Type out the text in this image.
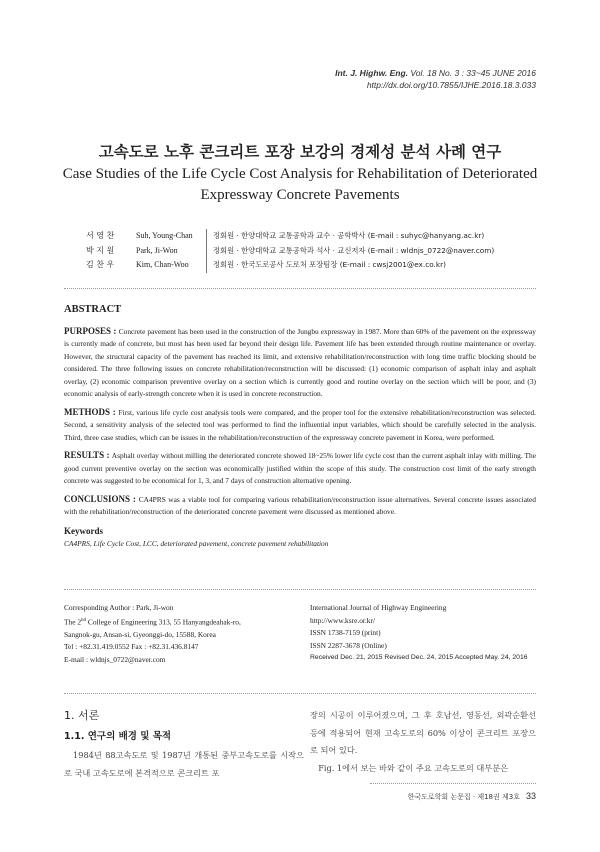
Int. J. Highw. Eng. Vol. 18 No. 3 : 33~45 JUNE 2016
http://dx.doi.org/10.7855/IJHE.2016.18.3.033
고속도로 노후 콘크리트 포장 보강의 경제성 분석 사례 연구
Case Studies of the Life Cycle Cost Analysis for Rehabilitation of Deteriorated Expressway Concrete Pavements
서 영 찬	Suh, Young-Chan	정회원 · 한양대학교 교통공학과 교수 · 공학박사 (E-mail : suhyc@hanyang.ac.kr)
박 지 원	Park, Ji-Won	정회원 · 한양대학교 교통공학과 석사 · 교신저자 (E-mail : wldnjs_0722@naver.com)
김 찬 우	Kim, Chan-Woo	정회원 · 한국도로공사 도로처 포장팀장 (E-mail : cwsj2001@ex.co.kr)
ABSTRACT

PURPOSES : Concrete pavement has been used in the construction of the Jungbu expressway in 1987. More than 60% of the pavement on the expressway is currently made of concrete, but most has been used far beyond their design life. Pavement life has been extended through routine maintenance or overlay. However, the structural capacity of the pavement has reached its limit, and extensive rehabilitation/reconstruction with long time traffic blocking should be considered. The three following issues on concrete rehabilitation/reconstruction will be discussed: (1) economic comparison of asphalt inlay and asphalt overlay, (2) economic comparison preventive overlay on a section which is currently good and routine overlay on the section which will be poor, and (3) economic analysis of early-strength concrete when it is used in concrete reconstruction.

METHODS : First, various life cycle cost analysis tools were compared, and the proper tool for the extensive rehabilitation/reconstruction was selected. Second, a sensitivity analysis of the selected tool was performed to find the influential input variables, which should be carefully selected in the analysis. Third, three case studies, which can be issues in the rehabilitation/reconstruction of the expressway concrete pavement in Korea, were performed.

RESULTS : Asphalt overlay without milling the deteriorated concrete showed 18~25% lower life cycle cost than the current asphalt inlay with milling. The good current preventive overlay on the section was economically justified within the scope of this study. The construction cost limit of the early strength concrete was suggested to be economical for 1, 3, and 7 days of construction alternative opening.

CONCLUSIONS : CA4PRS was a viable tool for comparing various rehabilitation/reconstruction issue alternatives. Several concrete issues associated with the rehabilitation/reconstruction of the deteriorated concrete pavement were discussed as mentioned above.

Keywords
CA4PRS, Life Cycle Cost, LCC, deteriorated pavement, concrete pavement rehabilitation
Corresponding Author : Park, Ji-won
The 2nd College of Engineering 313, 55 Hanyangdeahak-ro,
Sangnok-gu, Ansan-si, Gyeonggi-do, 15588, Korea
Tel : +82.31.419.0552 Fax : +82.31.436.8147
E-mail : wldnjs_0722@naver.com
International Journal of Highway Engineering
http://www.ksre.or.kr/
ISSN 1738-7159 (print)
ISSN 2287-3678 (Online)
Received Dec. 21, 2015 Revised Dec. 24, 2015 Accepted May. 24, 2016
1. 서론
1.1. 연구의 배경 및 목적
　1984년 88고속도로 및 1987년 개통된 중부고속도로를 시작으로 국내 고속도로에 본격적으로 콘크리트 포
장의 시공이 이루어졌으며, 그 후 호남선, 영동선, 외곽순환선 등에 적용되어 현재 고속도로의 60% 이상이 콘크리트 포장으로 되어 있다.
　Fig. 1에서 보는 바와 같이 주요 고속도로의 대부분은
한국도로학회 논문집 · 제18권 제3호 33
